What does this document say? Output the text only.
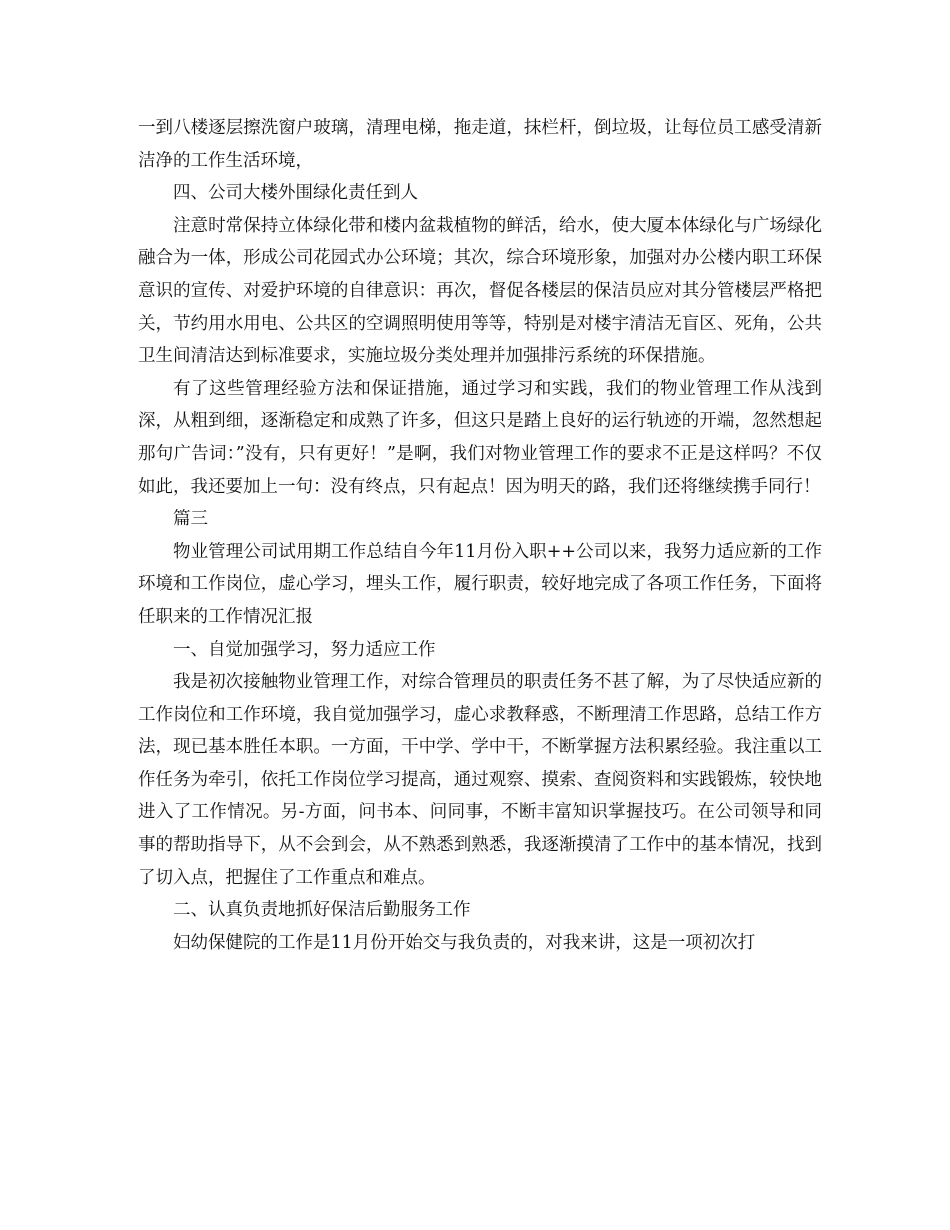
一到八楼逐层擦洗窗户玻璃，清理电梯，拖走道，抹栏杆，倒垃圾，让每位员工感受清新洁净的工作生活环境，

四、公司大楼外围绿化责任到人

注意时常保持立体绿化带和楼内盆栽植物的鲜活，给水，使大厦本体绿化与广场绿化融合为一体，形成公司花园式办公环境；其次，综合环境形象，加强对办公楼内职工环保意识的宣传、对爱护环境的自律意识：再次，督促各楼层的保洁员应对其分管楼层严格把关，节约用水用电、公共区的空调照明使用等等，特别是对楼宇清洁无盲区、死角，公共卫生间清洁达到标准要求，实施垃圾分类处理并加强排污系统的环保措施。

有了这些管理经验方法和保证措施，通过学习和实践，我们的物业管理工作从浅到深，从粗到细，逐渐稳定和成熟了许多，但这只是踏上良好的运行轨迹的开端，忽然想起那句广告词：”没有，只有更好！”是啊，我们对物业管理工作的要求不正是这样吗？不仅如此，我还要加上一句：没有终点，只有起点！因为明天的路，我们还将继续携手同行！

篇三

物业管理公司试用期工作总结自今年11月份入职++公司以来，我努力适应新的工作环境和工作岗位，虚心学习，埋头工作，履行职责，较好地完成了各项工作任务，下面将任职来的工作情况汇报

一、自觉加强学习，努力适应工作

我是初次接触物业管理工作，对综合管理员的职责任务不甚了解，为了尽快适应新的工作岗位和工作环境，我自觉加强学习，虚心求教释惑，不断理清工作思路，总结工作方法，现已基本胜任本职。一方面，干中学、学中干，不断掌握方法积累经验。我注重以工作任务为牵引，依托工作岗位学习提高，通过观察、摸索、查阅资料和实践锻炼，较快地进入了工作情况。另-方面，问书本、问同事，不断丰富知识掌握技巧。在公司领导和同事的帮助指导下，从不会到会，从不熟悉到熟悉，我逐渐摸清了工作中的基本情况，找到了切入点，把握住了工作重点和难点。

二、认真负责地抓好保洁后勤服务工作

妇幼保健院的工作是11月份开始交与我负责的，对我来讲，这是一项初次打
